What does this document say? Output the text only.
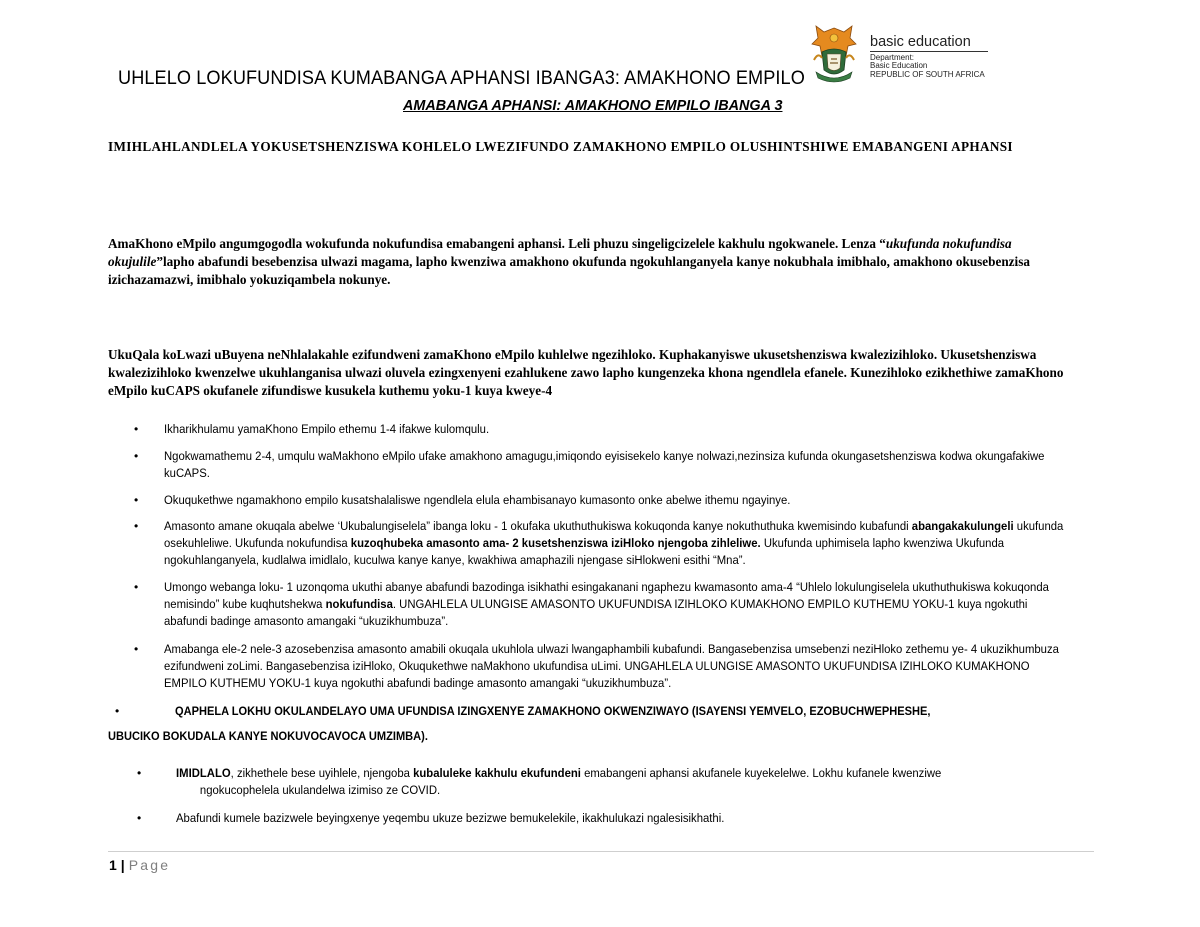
UHLELO LOKUFUNDISA KUMABANGA APHANSI IBANGA3: AMAKHONO EMPILO
AMABANGA APHANSI: AMAKHONO EMPILO IBANGA 3
basic education
Department:
Basic Education
REPUBLIC OF SOUTH AFRICA
IMIHLAHLANDLELA YOKUSETSHENZISWA KOHLELO LWEZIFUNDO ZAMAKHONO EMPILO OLUSHINTSHIWE EMABANGENI APHANSI
AmaKhono eMpilo angumgogodla wokufunda nokufundisa emabangeni aphansi. Leli phuzu singeligcizelele kakhulu ngokwanele. Lenza “ukufunda nokufundisa okujulile”lapho abafundi besebenzisa ulwazi magama, lapho kwenziwa amakhono okufunda ngokuhlanganyela kanye nokubhala imibhalo, amakhono okusebenzisa izichazamazwi, imibhalo yokuziqambela nokunye.
UkuQala koLwazi uBuyena neNhlalakahle ezifundweni zamaKhono eMpilo kuhlelwe ngezihloko. Kuphakanyiswe ukusetshenziswa kwalezizihloko. Ukusetshenziswa kwalezizihloko kwenzelwe ukuhlanganisa ulwazi oluvela ezingxenyeni ezahlukene zawo lapho kungenzeka khona ngendlela efanele. Kunezihloko ezikhethiwe zamaKhono eMpilo kuCAPS okufanele zifundiswe kusukela kuthemu yoku-1 kuya kweye-4
• Ikharikhulamu yamaKhono Empilo ethemu 1-4 ifakwe kulomqulu.
• Ngokwamathemu 2-4, umqulu waMakhono eMpilo ufake amakhono amagugu,imiqondo eyisisekelo kanye nolwazi,nezinsiza kufunda okungasetshenziswa kodwa okungafakiwe kuCAPS.
• Okuqukethwe ngamakhono empilo kusatshalaliswe ngendlela elula ehambisanayo kumasonto onke abelwe ithemu ngayinye.
• Amasonto amane okuqala abelwe ‘Ukubalungiselela” ibanga loku - 1 okufaka ukuthuthukiswa kokuqonda kanye nokuthuthuka kwemisindo kubafundi abangakakulungeli ukufunda osekuhleliwe. Ukufunda nokufundisa kuzoqhubeka amasonto ama- 2 kusetshenziswa iziHloko njengoba zihleliwe. Ukufunda uphimisela lapho kwenziwa Ukufunda ngokuhlanganyela, kudlalwa imidlalo, kuculwa kanye kanye, kwakhiwa amaphazili njengase siHlokweni esithi “Mna”.
• Umongo webanga loku- 1 uzonqoma ukuthi abanye abafundi bazodinga isikhathi esingakanani ngaphezu kwamasonto ama-4 “Uhlelo lokulungiselela ukuthuthukiswa kokuqonda nemisindo” kube kuqhutshekwa nokufundisa. UNGAHLELA ULUNGISE AMASONTO UKUFUNDISA IZIHLOKO KUMAKHONO EMPILO KUTHEMU YOKU-1 kuya ngokuthi abafundi badinge amasonto amangaki “ukuzikhumbuza”.
• Amabanga ele-2 nele-3 azosebenzisa amasonto amabili okuqala ukuhlola ulwazi lwangaphambili kubafundi. Bangasebenzisa umsebenzi neziHloko zethemu ye- 4 ukuzikhumbuza ezifundweni zoLimi. Bangasebenzisa iziHloko, Okuqukethwe naMakhono ukufundisa uLimi. UNGAHLELA ULUNGISE AMASONTO UKUFUNDISA IZIHLOKO KUMAKHONO EMPILO KUTHEMU YOKU-1 kuya ngokuthi abafundi badinge amasonto amangaki “ukuzikhumbuza”.
•	QAPHELA LOKHU OKULANDELAYO UMA UFUNDISA IZINGXENYE ZAMAKHONO OKWENZIWAYO (ISAYENSI YEMVELO, EZOBUCHWEPHESHE,
UBUCIKO BOKUDALA KANYE NOKUVOCAVOCA UMZIMBA).
•	IMIDLALO, zikhethele bese uyihlele, njengoba kubaluleke kakhulu ekufundeni emabangeni aphansi akufanele kuyekelelwe. Lokhu kufanele kwenziwe
ngokucophelela ukulandelwa izimiso ze COVID.
•	Abafundi kumele bazizwele beyingxenye yeqembu ukuze bezizwe bemukelekile, ikakhulukazi ngalesisikhathi.
1 | Page
